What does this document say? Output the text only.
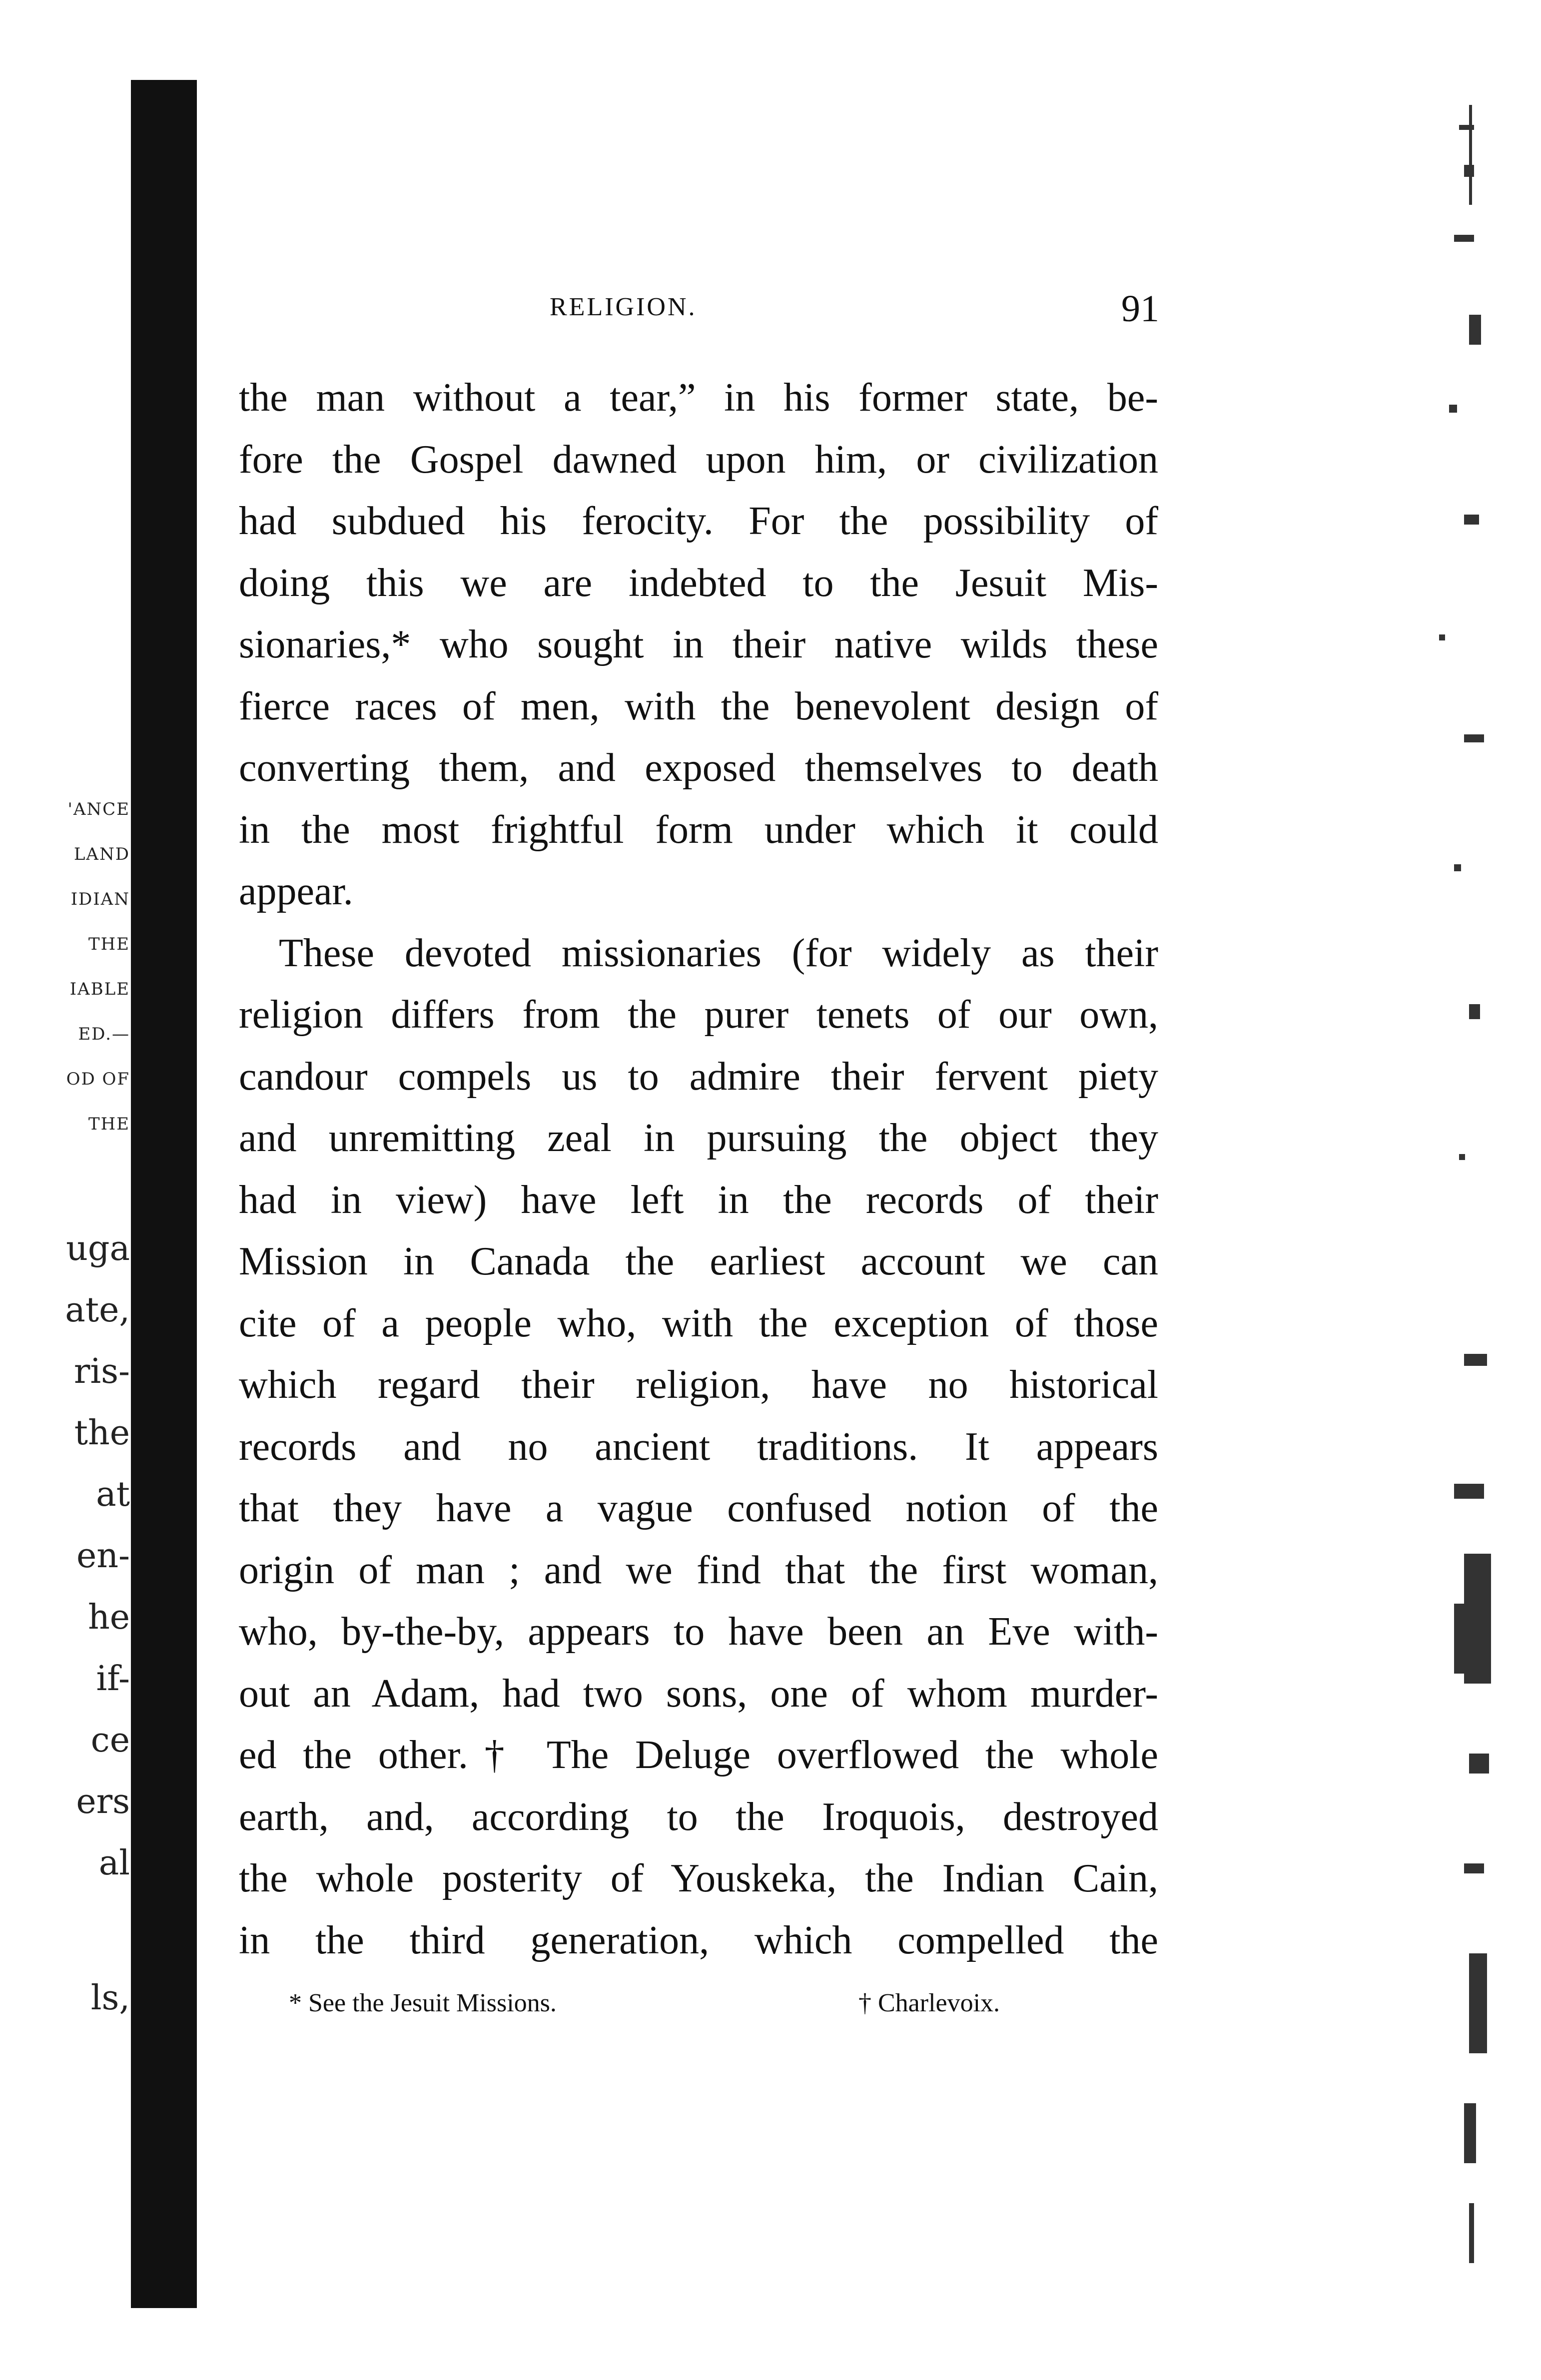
'ANCE
LAND
IDIAN
THE
IABLE
ED.—
OD OF
THE
uga
ate,
ris-
the
at
en-
he
if-
ce
ers
al
ls,
RELIGION.	91
the man without a tear,” in his former state, be-
fore the Gospel dawned upon him, or civilization
had subdued his ferocity. For the possibility of
doing this we are indebted to the Jesuit Mis-
sionaries,* who sought in their native wilds these
fierce races of men, with the benevolent design of
converting them, and exposed themselves to death
in the most frightful form under which it could
appear.
These devoted missionaries (for widely as their
religion differs from the purer tenets of our own,
candour compels us to admire their fervent piety
and unremitting zeal in pursuing the object they
had in view) have left in the records of their
Mission in Canada the earliest account we can
cite of a people who, with the exception of those
which regard their religion, have no historical
records and no ancient traditions. It appears
that they have a vague confused notion of the
origin of man ; and we find that the first woman,
who, by-the-by, appears to have been an Eve with-
out an Adam, had two sons, one of whom murder-
ed the other.† The Deluge overflowed the whole
earth, and, according to the Iroquois, destroyed
the whole posterity of Youskeka, the Indian Cain,
in the third generation, which compelled the
* See the Jesuit Missions.	† Charlevoix.
